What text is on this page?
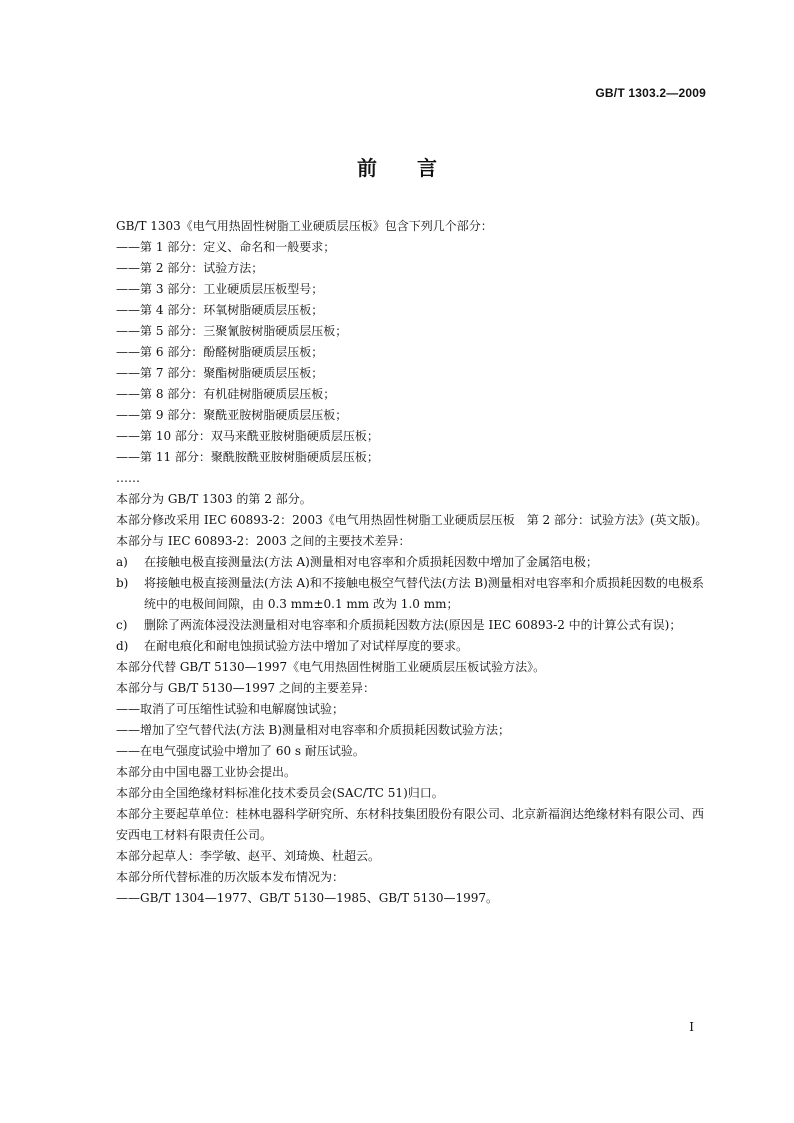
GB/T 1303.2—2009
前 言

GB/T 1303《电气用热固性树脂工业硬质层压板》包含下列几个部分：

——第 1 部分：定义、命名和一般要求；

——第 2 部分：试验方法；

——第 3 部分：工业硬质层压板型号；

——第 4 部分：环氧树脂硬质层压板；

——第 5 部分：三聚氰胺树脂硬质层压板；

——第 6 部分：酚醛树脂硬质层压板；

——第 7 部分：聚酯树脂硬质层压板；

——第 8 部分：有机硅树脂硬质层压板；

——第 9 部分：聚酰亚胺树脂硬质层压板；

——第 10 部分：双马来酰亚胺树脂硬质层压板；

——第 11 部分：聚酰胺酰亚胺树脂硬质层压板；

……

本部分为 GB/T 1303 的第 2 部分。

本部分修改采用 IEC 60893-2：2003《电气用热固性树脂工业硬质层压板　第 2 部分：试验方法》(英文版)。

本部分与 IEC 60893-2：2003 之间的主要技术差异：

a)	在接触电极直接测量法(方法 A)测量相对电容率和介质损耗因数中增加了金属箔电极；
b)	将接触电极直接测量法(方法 A)和不接触电极空气替代法(方法 B)测量相对电容率和介质损耗因数的电极系统中的电极间间隙，由 0.3 mm±0.1 mm 改为 1.0 mm；
c)	删除了两流体浸没法测量相对电容率和介质损耗因数方法(原因是 IEC 60893-2 中的计算公式有误)；
d)	在耐电痕化和耐电蚀损试验方法中增加了对试样厚度的要求。

本部分代替 GB/T 5130—1997《电气用热固性树脂工业硬质层压板试验方法》。

本部分与 GB/T 5130—1997 之间的主要差异：

——取消了可压缩性试验和电解腐蚀试验；

——增加了空气替代法(方法 B)测量相对电容率和介质损耗因数试验方法；

——在电气强度试验中增加了 60 s 耐压试验。

本部分由中国电器工业协会提出。

本部分由全国绝缘材料标准化技术委员会(SAC/TC 51)归口。

本部分主要起草单位：桂林电器科学研究所、东材科技集团股份有限公司、北京新福润达绝缘材料有限公司、西安西电工材料有限责任公司。

本部分起草人：李学敏、赵平、刘琦焕、杜超云。

本部分所代替标准的历次版本发布情况为：

——GB/T 1304—1977、GB/T 5130—1985、GB/T 5130—1997。

I
